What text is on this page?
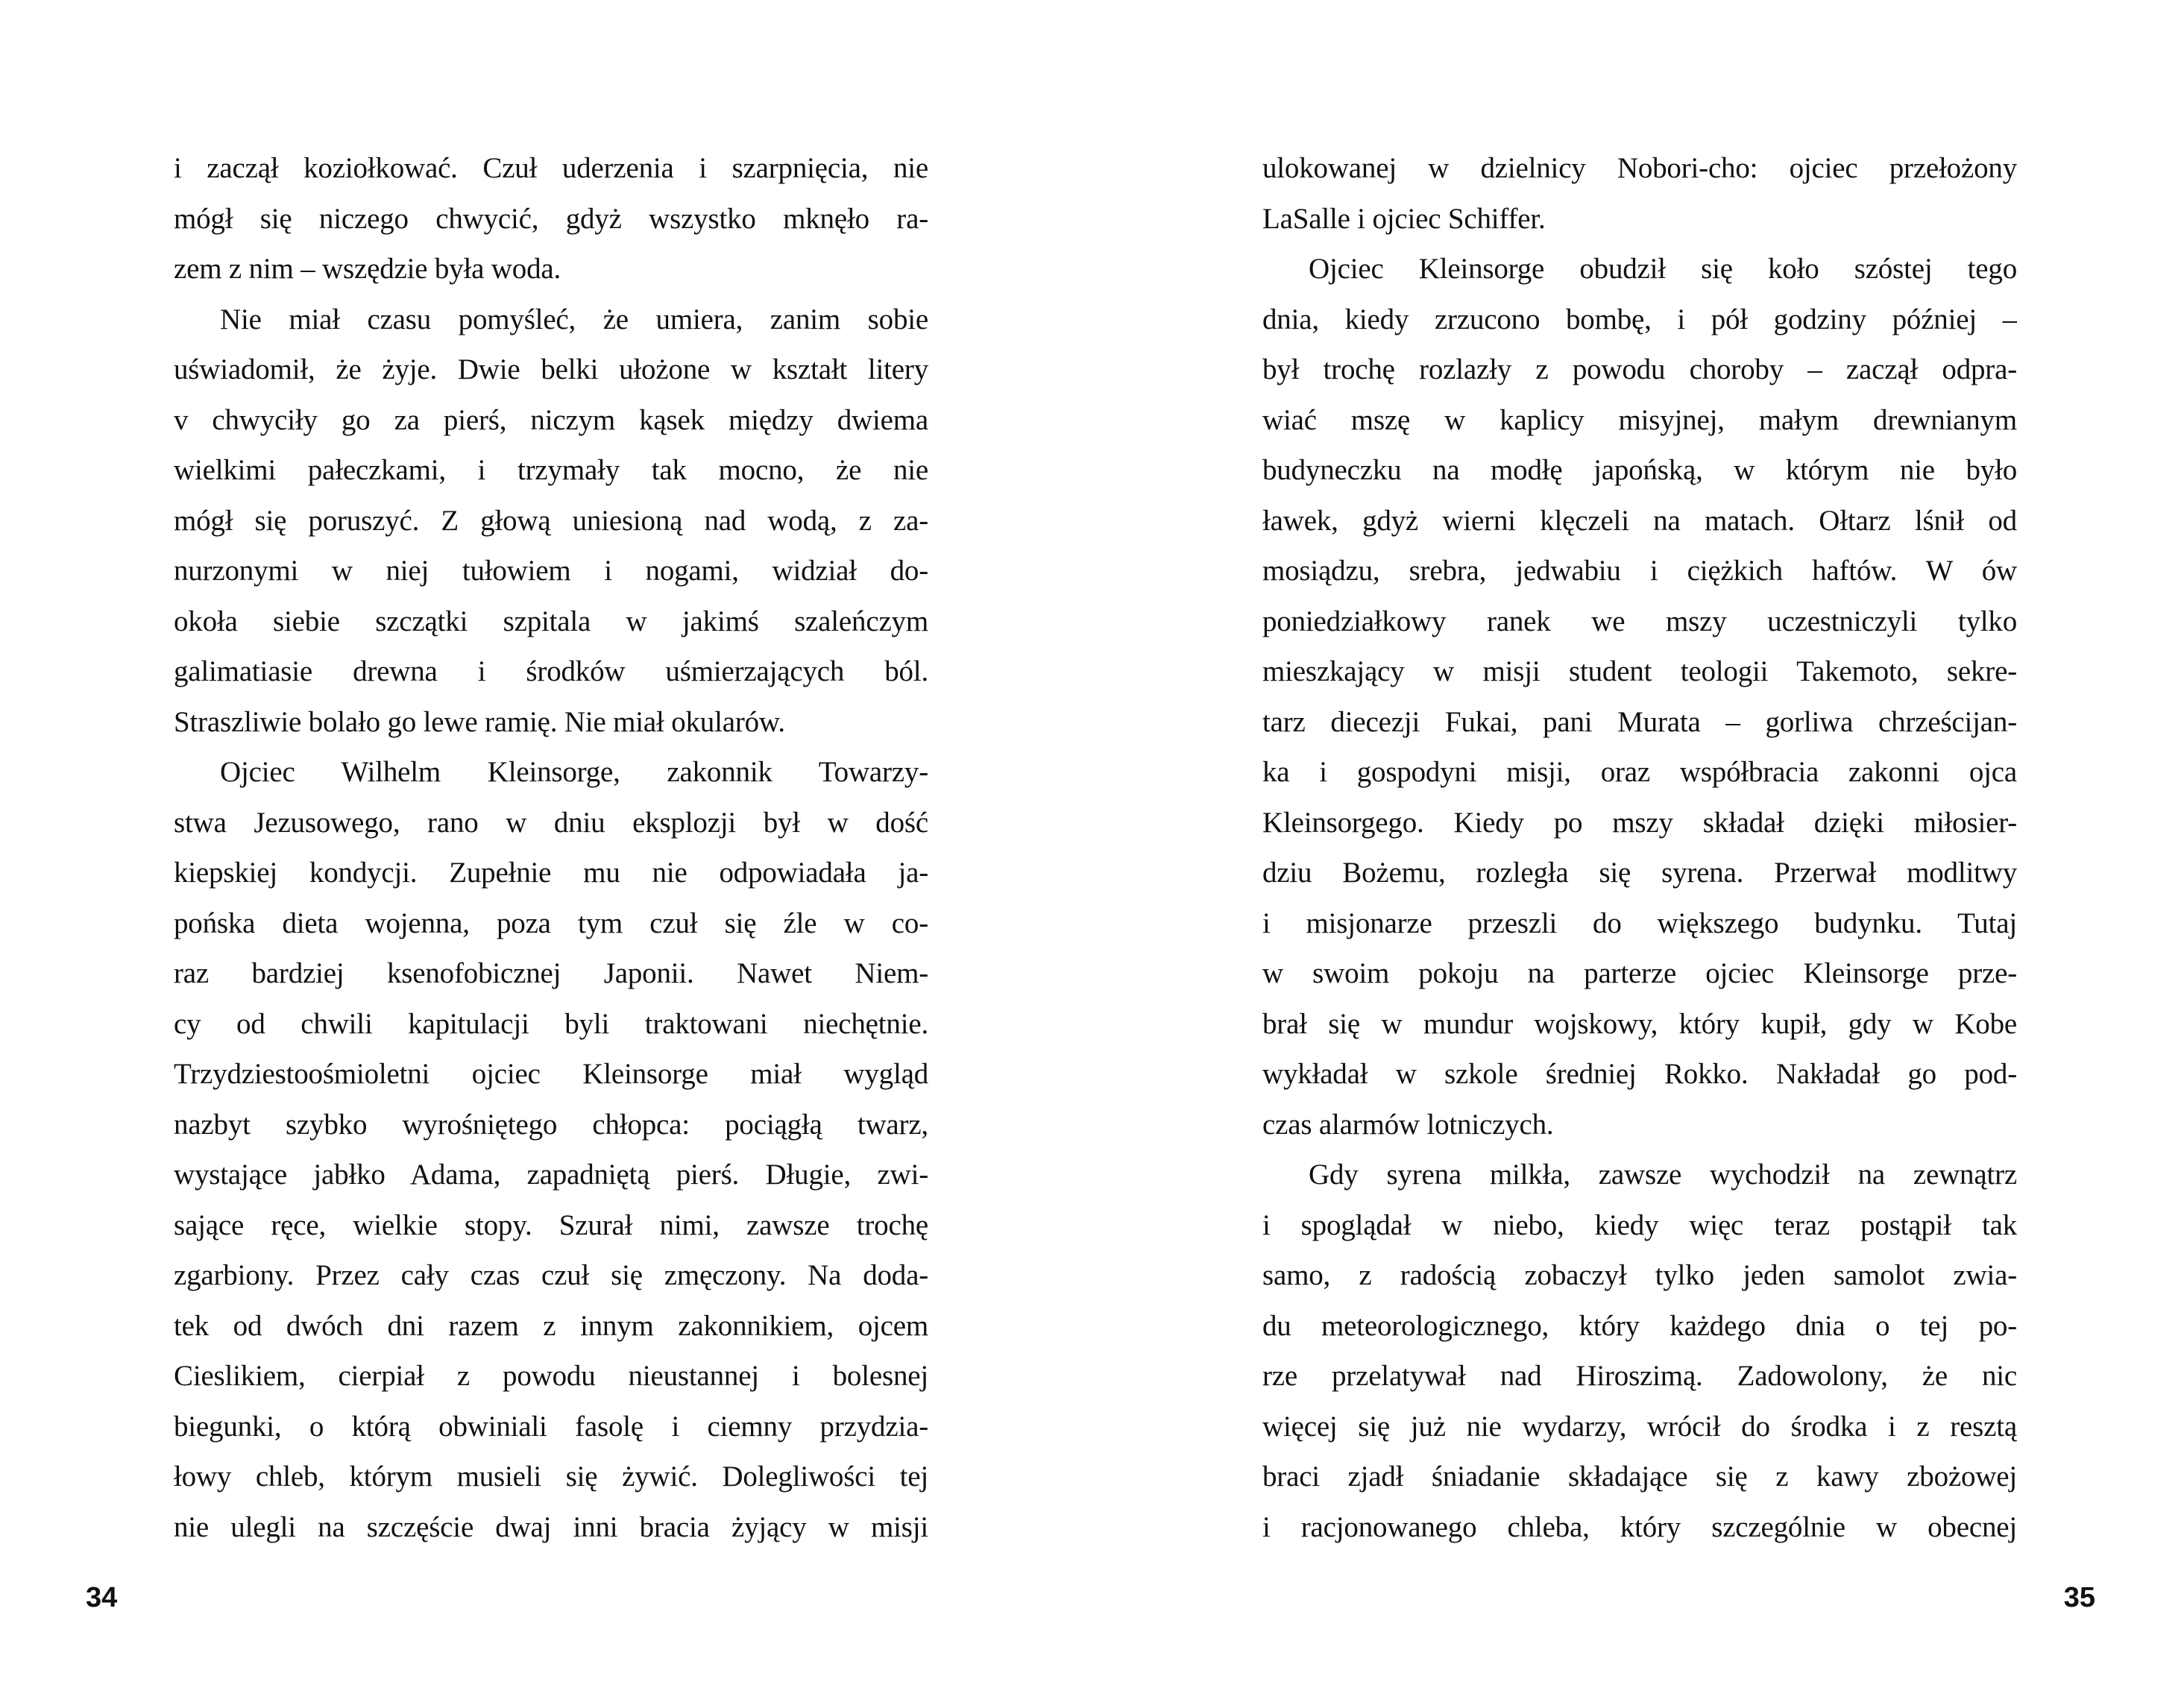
i zaczął koziołkować. Czuł uderzenia i szarpnięcia, nie
mógł się niczego chwycić, gdyż wszystko mknęło ra-
zem z nim – wszędzie była woda.
Nie miał czasu pomyśleć, że umiera, zanim sobie
uświadomił, że żyje. Dwie belki ułożone w kształt litery
v chwyciły go za pierś, niczym kąsek między dwiema
wielkimi pałeczkami, i trzymały tak mocno, że nie
mógł się poruszyć. Z głową uniesioną nad wodą, z za-
nurzonymi w niej tułowiem i nogami, widział do-
okoła siebie szczątki szpitala w jakimś szaleńczym
galimatiasie drewna i środków uśmierzających ból.
Straszliwie bolało go lewe ramię. Nie miał okularów.
Ojciec Wilhelm Kleinsorge, zakonnik Towarzy-
stwa Jezusowego, rano w dniu eksplozji był w dość
kiepskiej kondycji. Zupełnie mu nie odpowiadała ja-
pońska dieta wojenna, poza tym czuł się źle w co-
raz bardziej ksenofobicznej Japonii. Nawet Niem-
cy od chwili kapitulacji byli traktowani niechętnie.
Trzydziestoośmioletni ojciec Kleinsorge miał wygląd
nazbyt szybko wyrośniętego chłopca: pociągłą twarz,
wystające jabłko Adama, zapadniętą pierś. Długie, zwi-
sające ręce, wielkie stopy. Szurał nimi, zawsze trochę
zgarbiony. Przez cały czas czuł się zmęczony. Na doda-
tek od dwóch dni razem z innym zakonnikiem, ojcem
Cieslikiem, cierpiał z powodu nieustannej i bolesnej
biegunki, o którą obwiniali fasolę i ciemny przydzia-
łowy chleb, którym musieli się żywić. Dolegliwości tej
nie ulegli na szczęście dwaj inni bracia żyjący w misji
34
ulokowanej w dzielnicy Nobori-cho: ojciec przełożony
LaSalle i ojciec Schiffer.
Ojciec Kleinsorge obudził się koło szóstej tego
dnia, kiedy zrzucono bombę, i pół godziny później –
był trochę rozlazły z powodu choroby – zaczął odpra-
wiać mszę w kaplicy misyjnej, małym drewnianym
budyneczku na modłę japońską, w którym nie było
ławek, gdyż wierni klęczeli na matach. Ołtarz lśnił od
mosiądzu, srebra, jedwabiu i ciężkich haftów. W ów
poniedziałkowy ranek we mszy uczestniczyli tylko
mieszkający w misji student teologii Takemoto, sekre-
tarz diecezji Fukai, pani Murata – gorliwa chrześcijan-
ka i gospodyni misji, oraz współbracia zakonni ojca
Kleinsorgego. Kiedy po mszy składał dzięki miłosier-
dziu Bożemu, rozległa się syrena. Przerwał modlitwy
i misjonarze przeszli do większego budynku. Tutaj
w swoim pokoju na parterze ojciec Kleinsorge prze-
brał się w mundur wojskowy, który kupił, gdy w Kobe
wykładał w szkole średniej Rokko. Nakładał go pod-
czas alarmów lotniczych.
Gdy syrena milkła, zawsze wychodził na zewnątrz
i spoglądał w niebo, kiedy więc teraz postąpił tak
samo, z radością zobaczył tylko jeden samolot zwia-
du meteorologicznego, który każdego dnia o tej po-
rze przelatywał nad Hiroszimą. Zadowolony, że nic
więcej się już nie wydarzy, wrócił do środka i z resztą
braci zjadł śniadanie składające się z kawy zbożowej
i racjonowanego chleba, który szczególnie w obecnej
35
